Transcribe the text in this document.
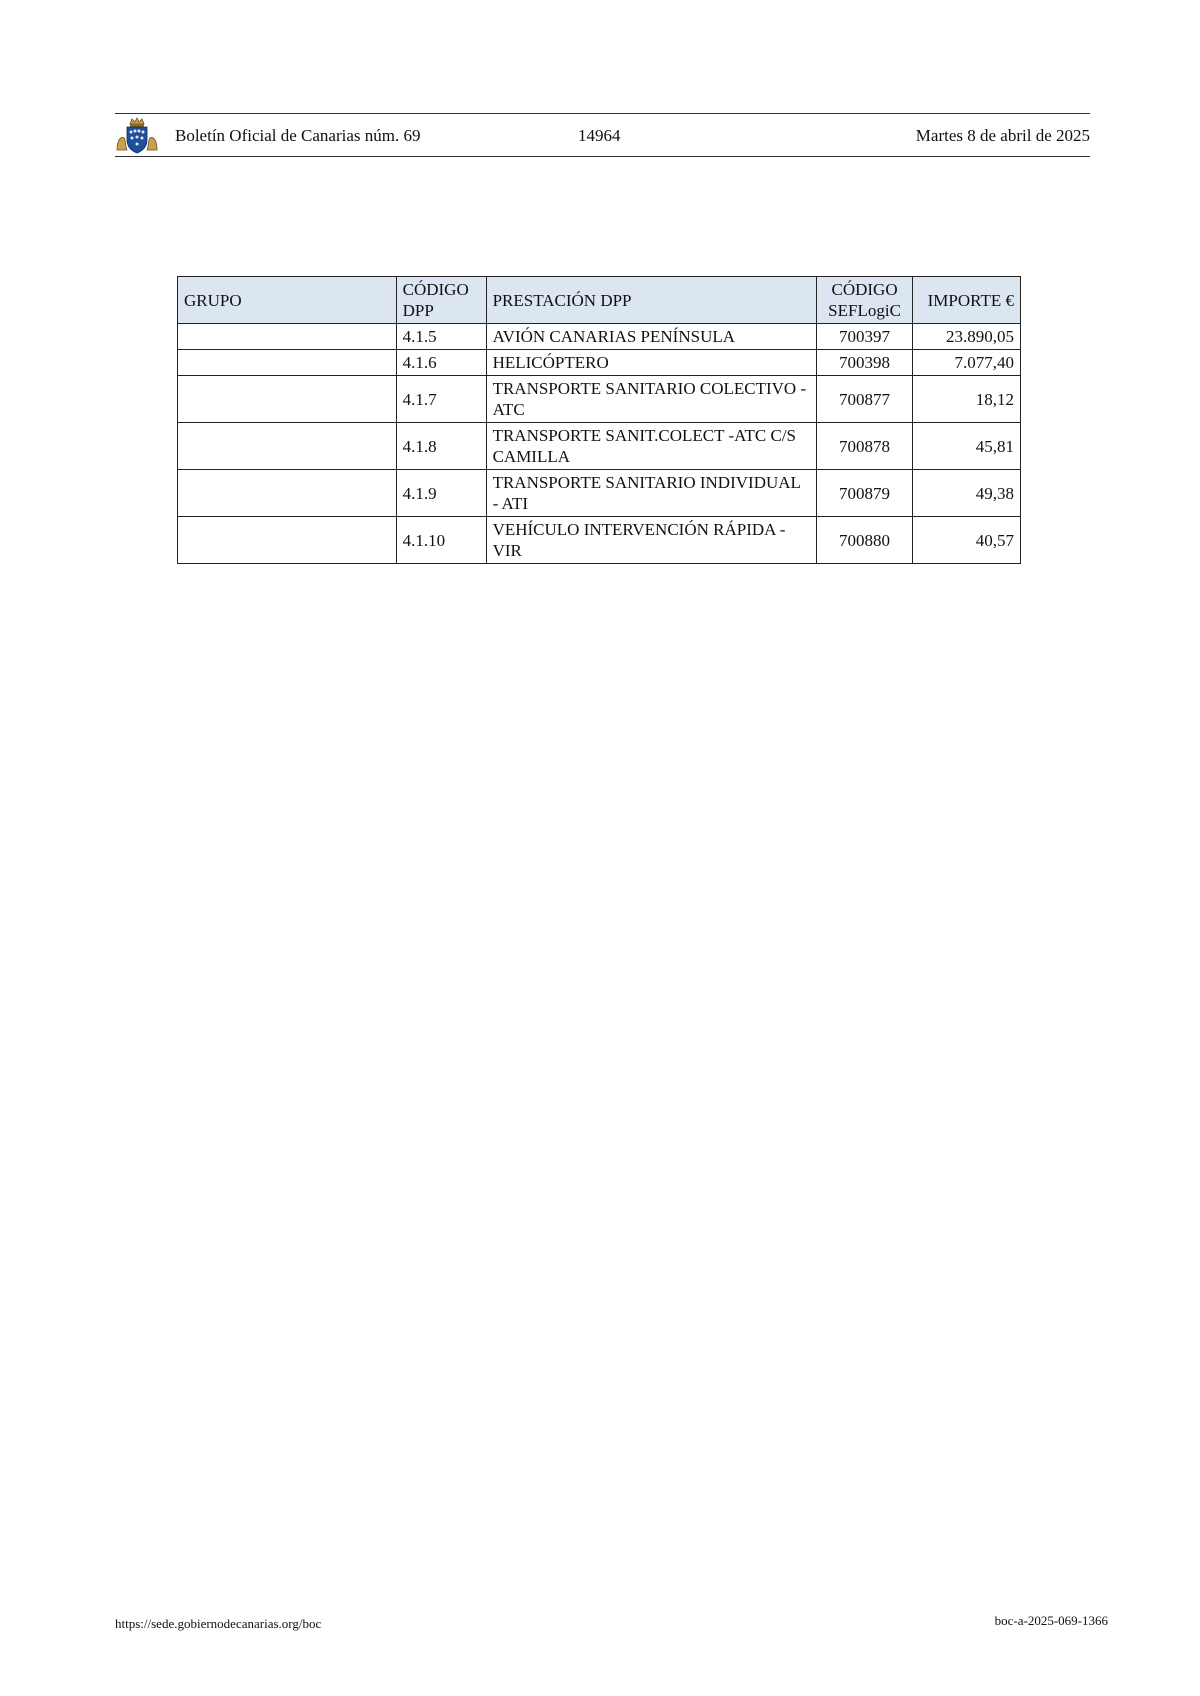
Boletín Oficial de Canarias núm. 69	14964	Martes 8 de abril de 2025
GRUPO	CÓDIGO DPP	PRESTACIÓN DPP	CÓDIGO SEFLogiC	IMPORTE €
	4.1.5	AVIÓN CANARIAS PENÍNSULA	700397	23.890,05
	4.1.6	HELICÓPTERO	700398	7.077,40
	4.1.7	TRANSPORTE SANITARIO COLECTIVO - ATC	700877	18,12
	4.1.8	TRANSPORTE SANIT.COLECT -ATC C/S CAMILLA	700878	45,81
	4.1.9	TRANSPORTE SANITARIO INDIVIDUAL - ATI	700879	49,38
	4.1.10	VEHÍCULO INTERVENCIÓN RÁPIDA - VIR	700880	40,57
https://sede.gobiernodecanarias.org/boc	boc-a-2025-069-1366
